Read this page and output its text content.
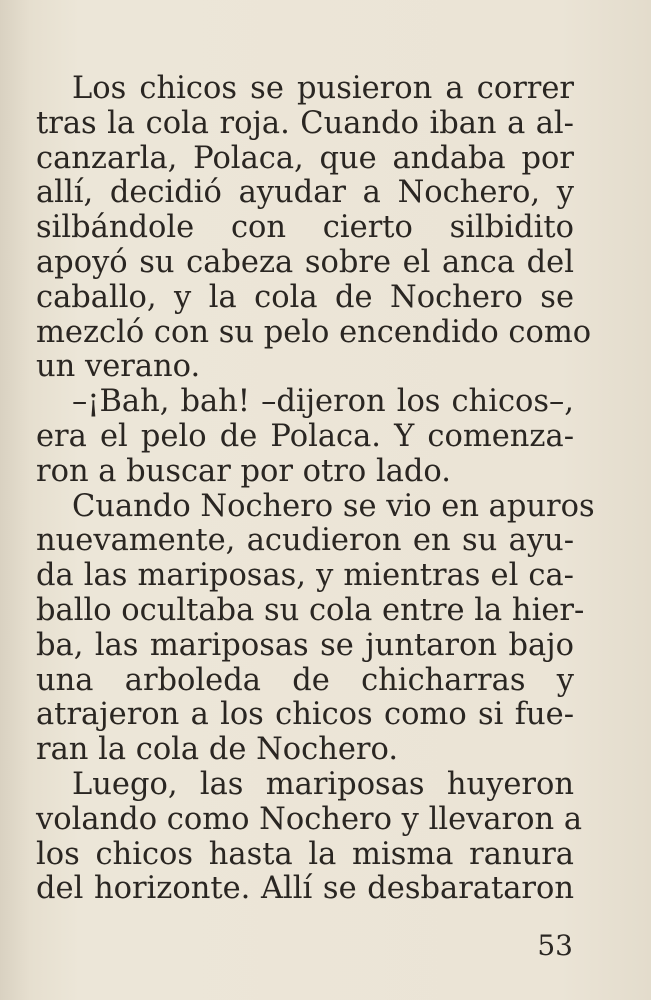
Los chicos se pusieron a correr
tras la cola roja. Cuando iban a al-
canzarla, Polaca, que andaba por
allí, decidió ayudar a Nochero, y
silbándole con cierto silbidito
apoyó su cabeza sobre el anca del
caballo, y la cola de Nochero se
mezcló con su pelo encendido como
un verano.
–¡Bah, bah! –dijeron los chicos–,
era el pelo de Polaca. Y comenza-
ron a buscar por otro lado.
Cuando Nochero se vio en apuros
nuevamente, acudieron en su ayu-
da las mariposas, y mientras el ca-
ballo ocultaba su cola entre la hier-
ba, las mariposas se juntaron bajo
una arboleda de chicharras y
atrajeron a los chicos como si fue-
ran la cola de Nochero.
Luego, las mariposas huyeron
volando como Nochero y llevaron a
los chicos hasta la misma ranura
del horizonte. Allí se desbarataron
53
